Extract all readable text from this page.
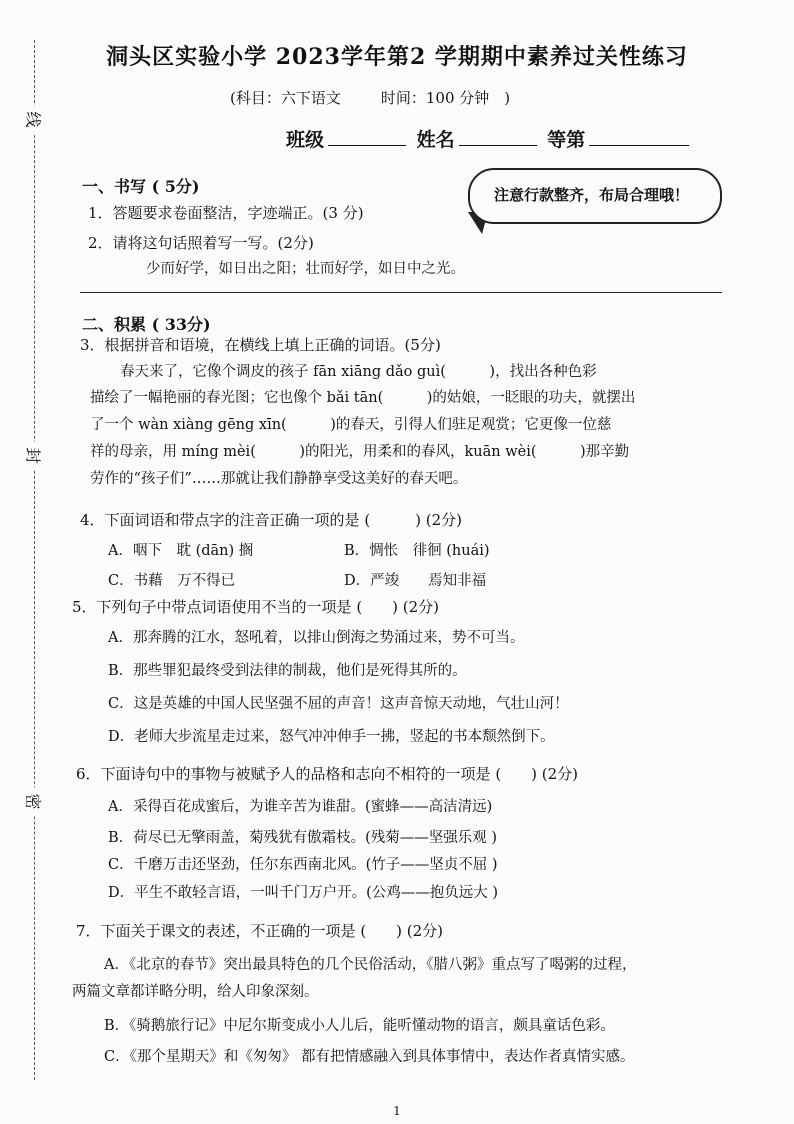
线
封
密
洞头区实验小学 2023学年第2 学期期中素养过关性练习
(科目：六下语文	时间：100 分钟　)
班级	姓名	等第
注意行款整齐，布局合理哦！
一、书写 ( 5分)
1．答题要求卷面整洁，字迹端正。(3 分)
2．请将这句话照着写一写。(2分)
少而好学，如日出之阳；壮而好学，如日中之光。
二、积累 ( 33分)
3．根据拼音和语境，在横线上填上正确的词语。(5分)
春天来了，它像个调皮的孩子 fān xiāng dǎo guì(　　　)，找出各种色彩
描绘了一幅艳丽的春光图；它也像个 bǎi tān(　　　)的姑娘，一眨眼的功夫，就摆出
了一个 wàn xiàng gēng xīn(　　　)的春天，引得人们驻足观赏；它更像一位慈
祥的母亲，用 míng mèi(　　　)的阳光，用柔和的春风，kuān wèi(　　　)那辛勤
劳作的“孩子们”……那就让我们静静享受这美好的春天吧。
4．下面词语和带点字的注音正确一项的是 (　　　) (2分)
A．咽下　耽 (dān) 搁	B．惆怅　徘徊 (huái)
C．书藉　万不得已	D．严竣　　焉知非福
5．下列句子中带点词语使用不当的一项是 (　　) (2分)
A．那奔腾的江水，怒吼着，以排山倒海之势涌过来，势不可当。
B．那些罪犯最终受到法律的制裁，他们是死得其所的。
C．这是英雄的中国人民坚强不屈的声音！这声音惊天动地，气壮山河！
D．老师大步流星走过来，怒气冲冲伸手一拂，竖起的书本颓然倒下。
6．下面诗句中的事物与被赋予人的品格和志向不相符的一项是 (　　) (2分)
A．采得百花成蜜后，为谁辛苦为谁甜。(蜜蜂——高洁清远)
B．荷尽已无擎雨盖，菊残犹有傲霜枝。(残菊——坚强乐观 )
C．千磨万击还坚劲，任尔东西南北风。(竹子——坚贞不屈 )
D．平生不敢轻言语，一叫千门万户开。(公鸡——抱负远大 )
7．下面关于课文的表述，不正确的一项是 (　　) (2分)
A．《北京的春节》突出最具特色的几个民俗活动，《腊八粥》重点写了喝粥的过程，
两篇文章都详略分明，给人印象深刻。
B．《骑鹅旅行记》中尼尔斯变成小人儿后，能听懂动物的语言，颇具童话色彩。
C．《那个星期天》和《匆匆》 都有把情感融入到具体事情中，表达作者真情实感。
1
